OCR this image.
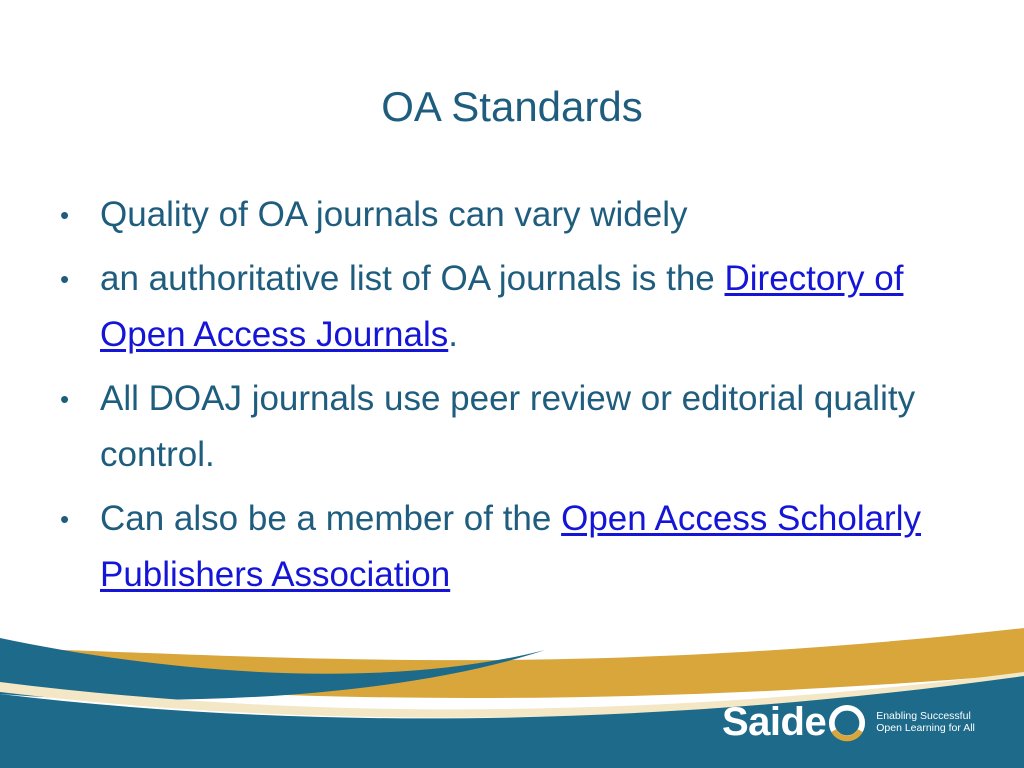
OA Standards
• Quality of OA journals can vary widely
• an authoritative list of OA journals is the Directory of Open Access Journals.
• All DOAJ journals use peer review or editorial quality control.
• Can also be a member of the Open Access Scholarly Publishers Association
Saide	Enabling Successful
Open Learning for All
